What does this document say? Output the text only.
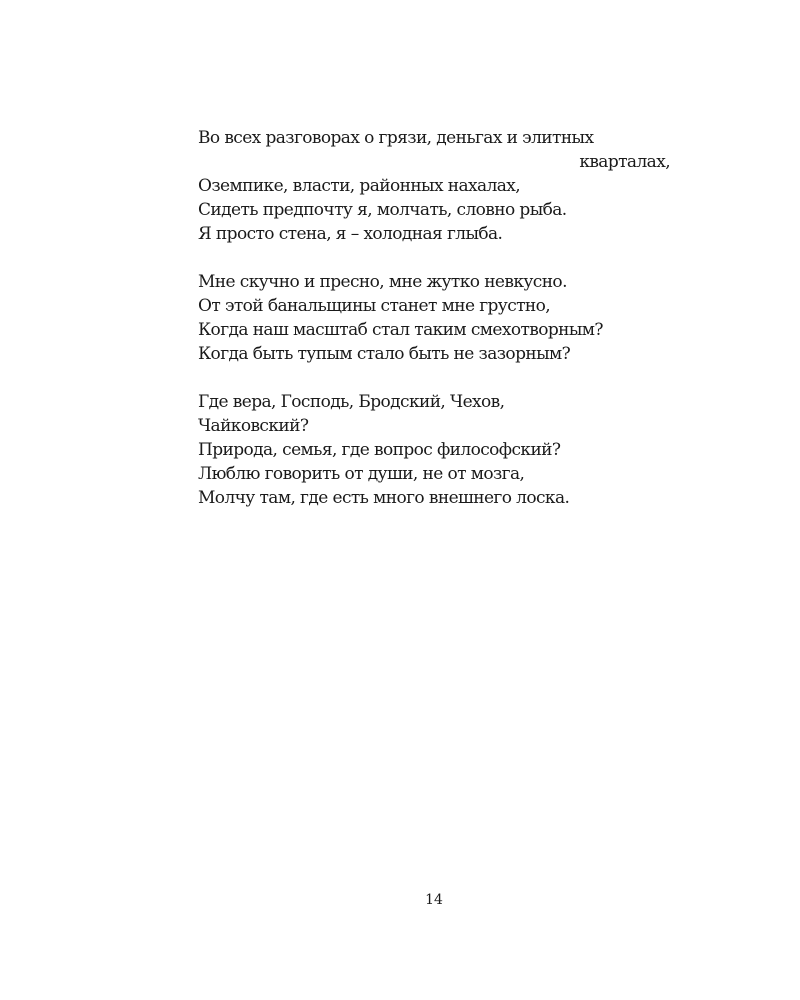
Во всех разговорах о грязи, деньгах и элитных
кварталах,
Оземпике, власти, районных нахалах,
Сидеть предпочту я, молчать, словно рыба.
Я просто стена, я – холодная глыба.
Мне скучно и пресно, мне жутко невкусно.
От этой банальщины станет мне грустно,
Когда наш масштаб стал таким смехотворным?
Когда быть тупым стало быть не зазорным?
Где вера, Господь, Бродский, Чехов,
Чайковский?
Природа, семья, где вопрос философский?
Люблю говорить от души, не от мозга,
Молчу там, где есть много внешнего лоска.
14
